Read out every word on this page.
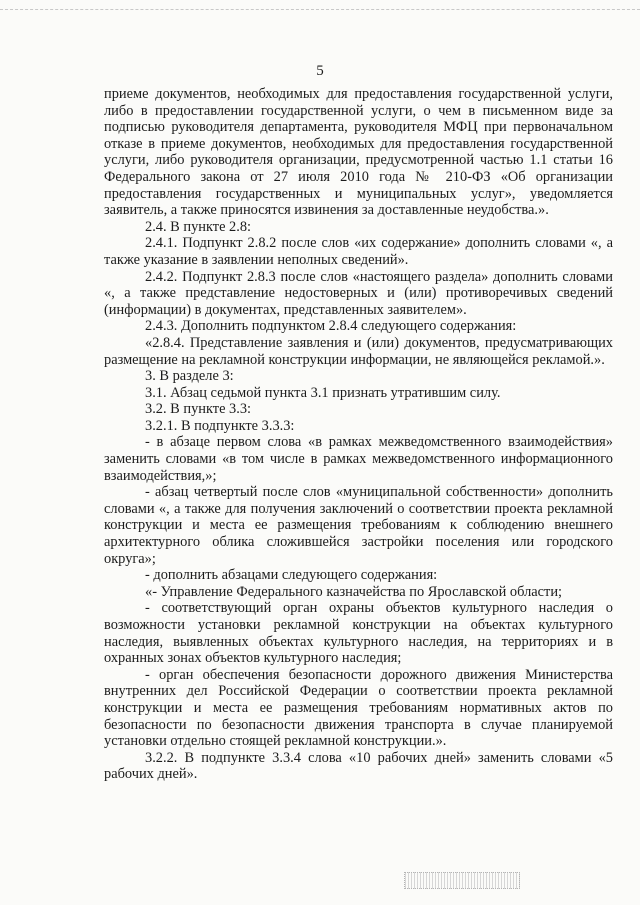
5

приеме документов, необходимых для предоставления государственной услуги, либо в предоставлении государственной услуги, о чем в письменном виде за подписью руководителя департамента, руководителя МФЦ при первоначальном отказе в приеме документов, необходимых для предоставления государственной услуги, либо руководителя организации, предусмотренной частью 1.1 статьи 16 Федерального закона от 27 июля 2010 года № 210-ФЗ «Об организации предоставления государственных и муниципальных услуг», уведомляется заявитель, а также приносятся извинения за доставленные неудобства.».

2.4. В пункте 2.8:

2.4.1. Подпункт 2.8.2 после слов «их содержание» дополнить словами «, а также указание в заявлении неполных сведений».

2.4.2. Подпункт 2.8.3 после слов «настоящего раздела» дополнить словами «, а также представление недостоверных и (или) противоречивых сведений (информации) в документах, представленных заявителем».

2.4.3. Дополнить подпунктом 2.8.4 следующего содержания:

«2.8.4. Представление заявления и (или) документов, предусматривающих размещение на рекламной конструкции информации, не являющейся рекламой.».

3. В разделе 3:

3.1. Абзац седьмой пункта 3.1 признать утратившим силу.

3.2. В пункте 3.3:

3.2.1. В подпункте 3.3.3:

- в абзаце первом слова «в рамках межведомственного взаимодействия» заменить словами «в том числе в рамках межведомственного информационного взаимодействия,»;

- абзац четвертый после слов «муниципальной собственности» дополнить словами «, а также для получения заключений о соответствии проекта рекламной конструкции и места ее размещения требованиям к соблюдению внешнего архитектурного облика сложившейся застройки поселения или городского округа»;

- дополнить абзацами следующего содержания:

«- Управление Федерального казначейства по Ярославской области;

- соответствующий орган охраны объектов культурного наследия о возможности установки рекламной конструкции на объектах культурного наследия, выявленных объектах культурного наследия, на территориях и в охранных зонах объектов культурного наследия;

- орган обеспечения безопасности дорожного движения Министерства внутренних дел Российской Федерации о соответствии проекта рекламной конструкции и места ее размещения требованиям нормативных актов по безопасности по безопасности движения транспорта в случае планируемой установки отдельно стоящей рекламной конструкции.».

3.2.2. В подпункте 3.3.4 слова «10 рабочих дней» заменить словами «5 рабочих дней».
